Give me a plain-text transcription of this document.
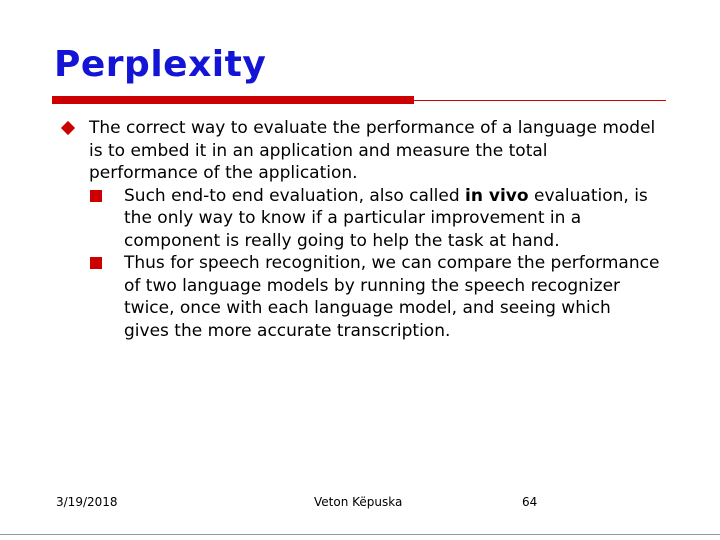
Perplexity
The correct way to evaluate the performance of a language model is to embed it in an application and measure the total performance of the application.
Such end-to end evaluation, also called in vivo evaluation, is the only way to know if a particular improvement in a component is really going to help the task at hand.
Thus for speech recognition, we can compare the performance of two language models by running the speech recognizer twice, once with each language model, and seeing which gives the more accurate transcription.
3/19/2018	Veton Këpuska	64
